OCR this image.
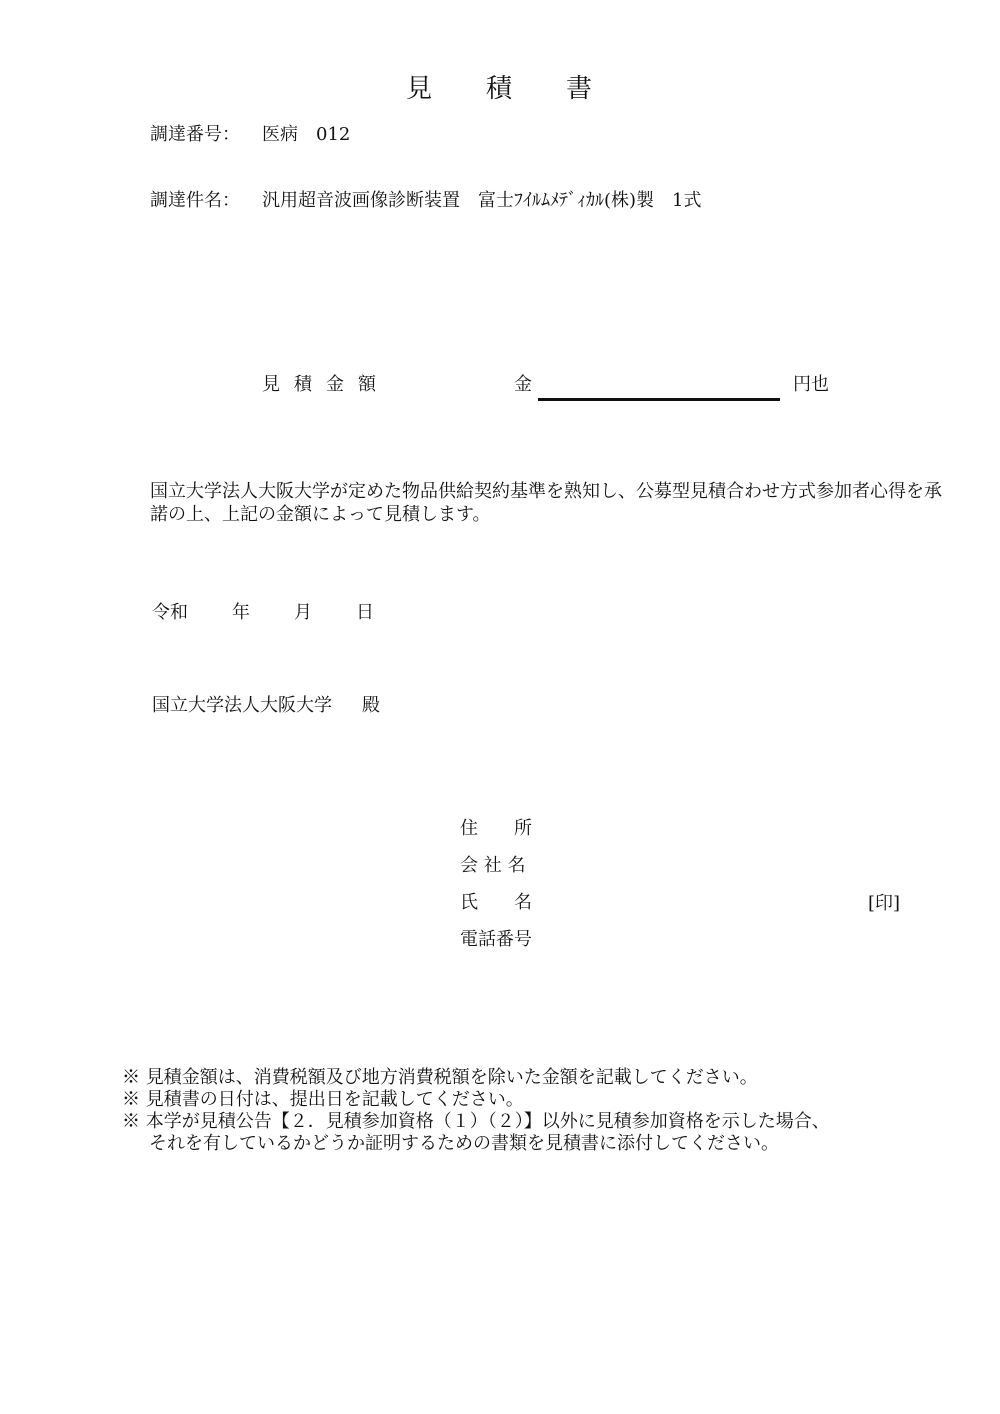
見 積 書
調達番号： 医病　012
調達件名： 汎用超音波画像診断装置　富士ﾌｲﾙﾑﾒﾃﾞｨｶﾙ(株)製　1式
見積金額	金	円也
国立大学法人大阪大学が定めた物品供給契約基準を熟知し、公募型見積合わせ方式参加者心得を承諾の上、上記の金額によって見積します。
令和 年 月 日
国立大学法人大阪大学 殿
住　　所
会 社 名
氏　　名
電話番号
[印]
※ 見積金額は、消費税額及び地方消費税額を除いた金額を記載してください。
※ 見積書の日付は、提出日を記載してください。
※ 本学が見積公告【２．見積参加資格（１）（２）】以外に見積参加資格を示した場合、
それを有しているかどうか証明するための書類を見積書に添付してください。
